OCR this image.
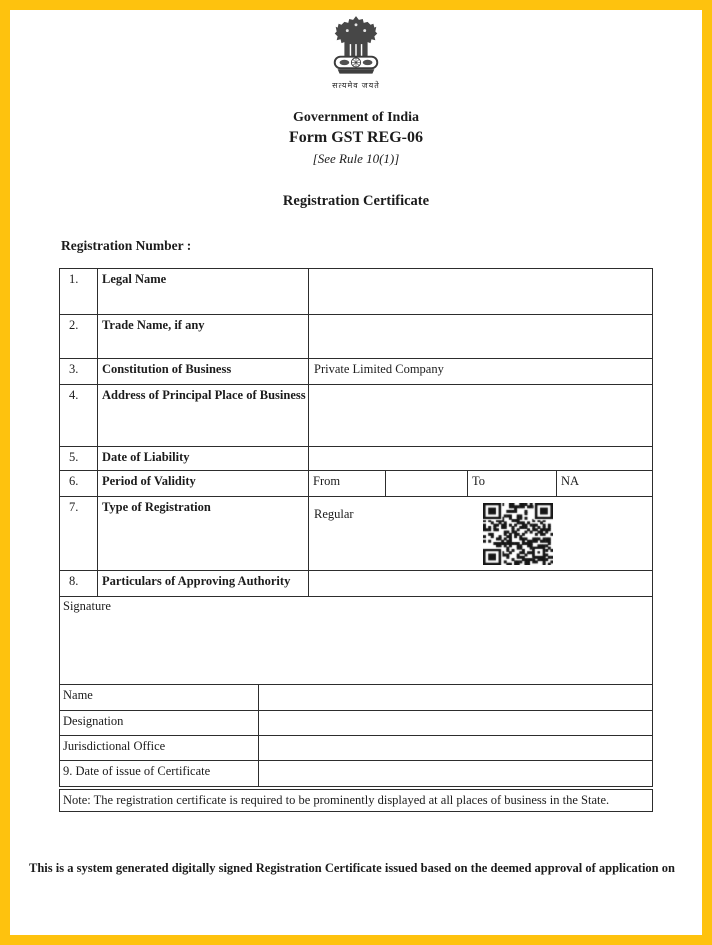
सत्यमेव जयते
Government of India
Form GST REG-06
[See Rule 10(1)]
Registration Certificate
Registration Number :
1.	Legal Name				
2.	Trade Name, if any				
3.	Constitution of Business	Private Limited Company			
4.	Address of Principal Place of Business				
5.	Date of Liability				
6.	Period of Validity	From		To	NA
7.	Type of Registration	Regular			

8.	Particulars of Approving Authority				
Signature	
Name	
Designation	
Jurisdictional Office	
9. Date of issue of Certificate	
Note: The registration certificate is required to be prominently displayed at all places of business in the State.
This is a system generated digitally signed Registration Certificate issued based on the deemed approval of application on
